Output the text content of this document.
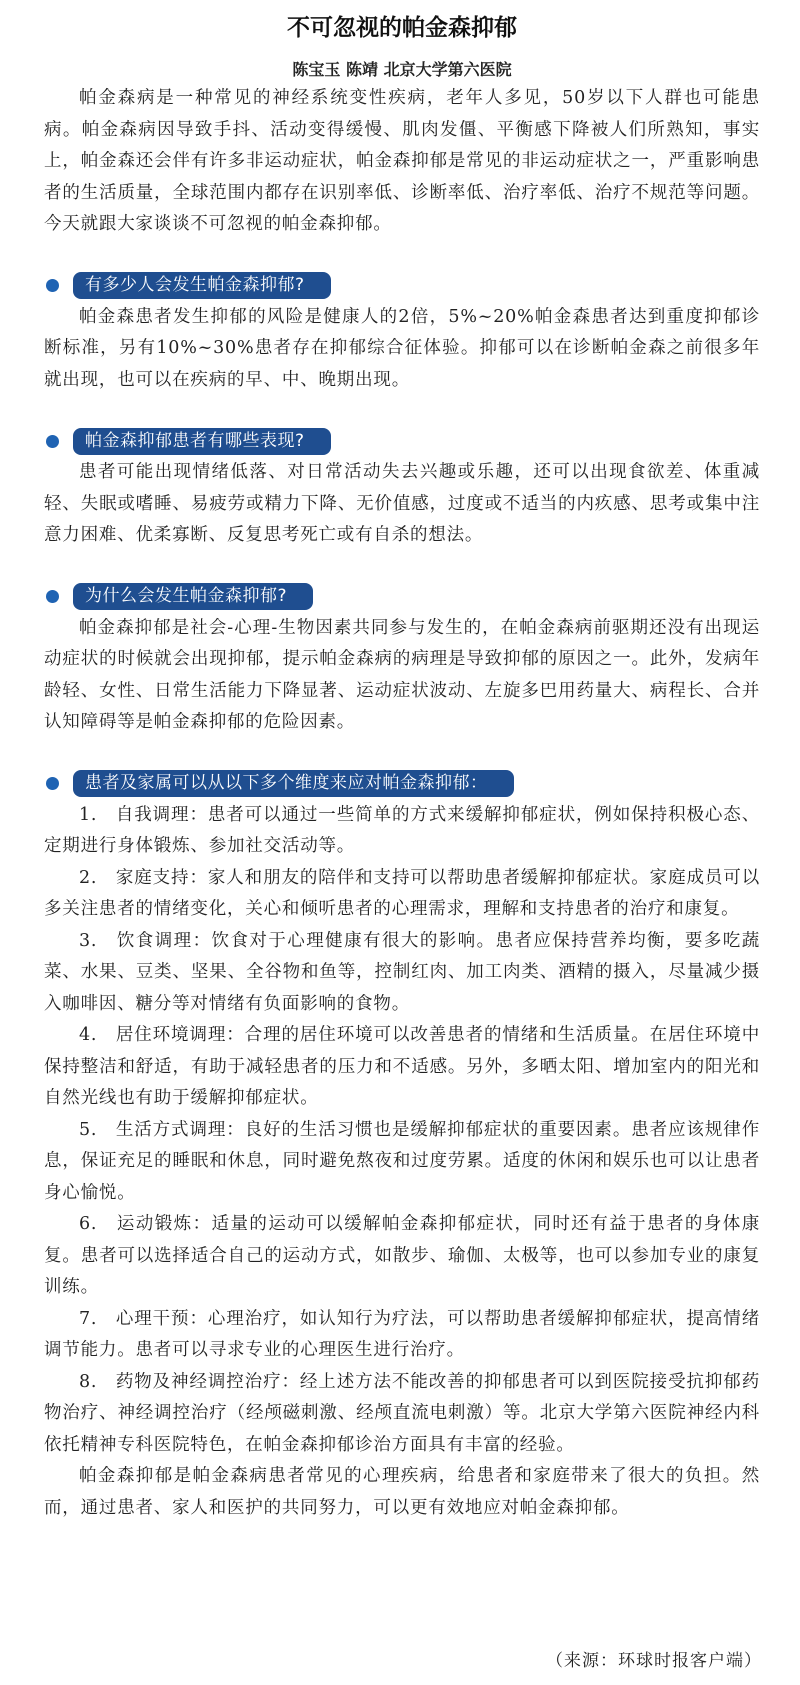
不可忽视的帕金森抑郁
陈宝玉 陈靖 北京大学第六医院

帕金森病是一种常见的神经系统变性疾病，老年人多见，50岁以下人群也可能患病。帕金森病因导致手抖、活动变得缓慢、肌肉发僵、平衡感下降被人们所熟知，事实上，帕金森还会伴有许多非运动症状，帕金森抑郁是常见的非运动症状之一，严重影响患者的生活质量，全球范围内都存在识别率低、诊断率低、治疗率低、治疗不规范等问题。今天就跟大家谈谈不可忽视的帕金森抑郁。

有多少人会发生帕金森抑郁?

帕金森患者发生抑郁的风险是健康人的2倍，5%~20%帕金森患者达到重度抑郁诊断标准，另有10%~30%患者存在抑郁综合征体验。抑郁可以在诊断帕金森之前很多年就出现，也可以在疾病的早、中、晚期出现。

帕金森抑郁患者有哪些表现?

患者可能出现情绪低落、对日常活动失去兴趣或乐趣，还可以出现食欲差、体重减轻、失眠或嗜睡、易疲劳或精力下降、无价值感，过度或不适当的内疚感、思考或集中注意力困难、优柔寡断、反复思考死亡或有自杀的想法。

为什么会发生帕金森抑郁?

帕金森抑郁是社会-心理-生物因素共同参与发生的，在帕金森病前驱期还没有出现运动症状的时候就会出现抑郁，提示帕金森病的病理是导致抑郁的原因之一。此外，发病年龄轻、女性、日常生活能力下降显著、运动症状波动、左旋多巴用药量大、病程长、合并认知障碍等是帕金森抑郁的危险因素。

患者及家属可以从以下多个维度来应对帕金森抑郁：

1.　自我调理：患者可以通过一些简单的方式来缓解抑郁症状，例如保持积极心态、定期进行身体锻炼、参加社交活动等。

2.　家庭支持：家人和朋友的陪伴和支持可以帮助患者缓解抑郁症状。家庭成员可以多关注患者的情绪变化，关心和倾听患者的心理需求，理解和支持患者的治疗和康复。

3.　饮食调理：饮食对于心理健康有很大的影响。患者应保持营养均衡，要多吃蔬菜、水果、豆类、坚果、全谷物和鱼等，控制红肉、加工肉类、酒精的摄入，尽量减少摄入咖啡因、糖分等对情绪有负面影响的食物。

4.　居住环境调理：合理的居住环境可以改善患者的情绪和生活质量。在居住环境中保持整洁和舒适，有助于减轻患者的压力和不适感。另外，多晒太阳、增加室内的阳光和自然光线也有助于缓解抑郁症状。

5.　生活方式调理：良好的生活习惯也是缓解抑郁症状的重要因素。患者应该规律作息，保证充足的睡眠和休息，同时避免熬夜和过度劳累。适度的休闲和娱乐也可以让患者身心愉悦。

6.　运动锻炼：适量的运动可以缓解帕金森抑郁症状，同时还有益于患者的身体康复。患者可以选择适合自己的运动方式，如散步、瑜伽、太极等，也可以参加专业的康复训练。

7.　心理干预：心理治疗，如认知行为疗法，可以帮助患者缓解抑郁症状，提高情绪调节能力。患者可以寻求专业的心理医生进行治疗。

8.　药物及神经调控治疗：经上述方法不能改善的抑郁患者可以到医院接受抗抑郁药物治疗、神经调控治疗（经颅磁刺激、经颅直流电刺激）等。北京大学第六医院神经内科依托精神专科医院特色，在帕金森抑郁诊治方面具有丰富的经验。

帕金森抑郁是帕金森病患者常见的心理疾病，给患者和家庭带来了很大的负担。然而，通过患者、家人和医护的共同努力，可以更有效地应对帕金森抑郁。

（来源：环球时报客户端）
